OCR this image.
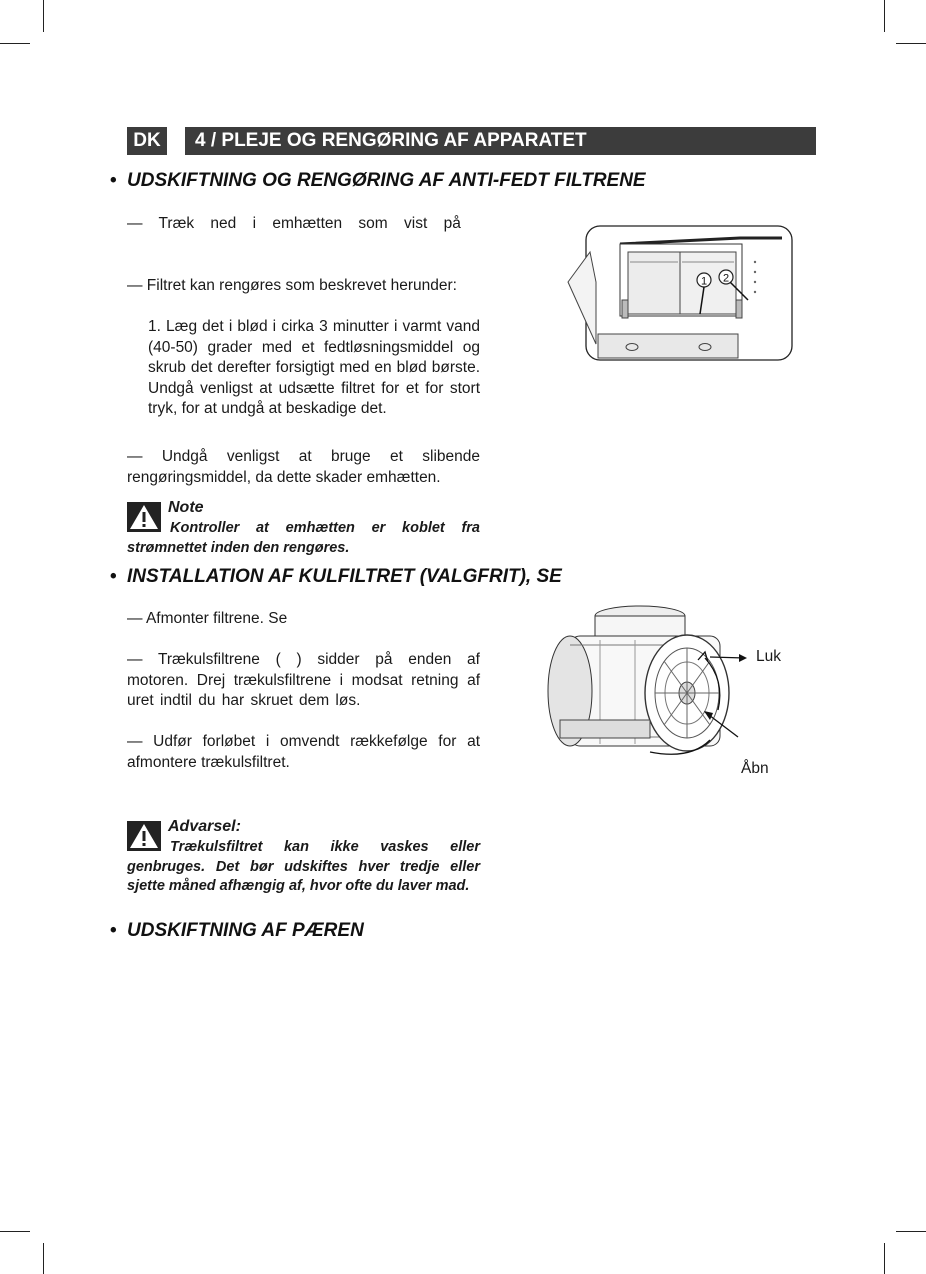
DK	4 / PLEJE OG RENGØRING AF APPARATET
• UDSKIFTNING OG RENGØRING AF ANTI-FEDT FILTRENE
— Træk ned i emhætten som vist på
— Filtret kan rengøres som beskrevet herunder:
1. Læg det i blød i cirka 3 minutter i varmt vand (40-50) grader med et fedtløsningsmiddel og skrub det derefter forsigtigt med en blød børste. Undgå venligst at udsætte filtret for et for stort tryk, for at undgå at beskadige det.
— Undgå venligst at bruge et slibende rengøringsmiddel, da dette skader emhætten.
Note
Kontroller at emhætten er koblet fra strømnettet inden den rengøres.
1 2
• INSTALLATION AF KULFILTRET (VALGFRIT), SE
— Afmonter filtrene. Se
— Trækulsfiltrene ( ) sidder på enden af motoren. Drej trækulsfiltrene i modsat retning af uret indtil du har skruet dem løs.
— Udfør forløbet i omvendt rækkefølge for at afmontere trækulsfiltret.
Luk
Åbn
Advarsel:
Trækulsfiltret kan ikke vaskes eller genbruges. Det bør udskiftes hver tredje eller sjette måned afhængig af, hvor ofte du laver mad.
• UDSKIFTNING AF PÆREN
